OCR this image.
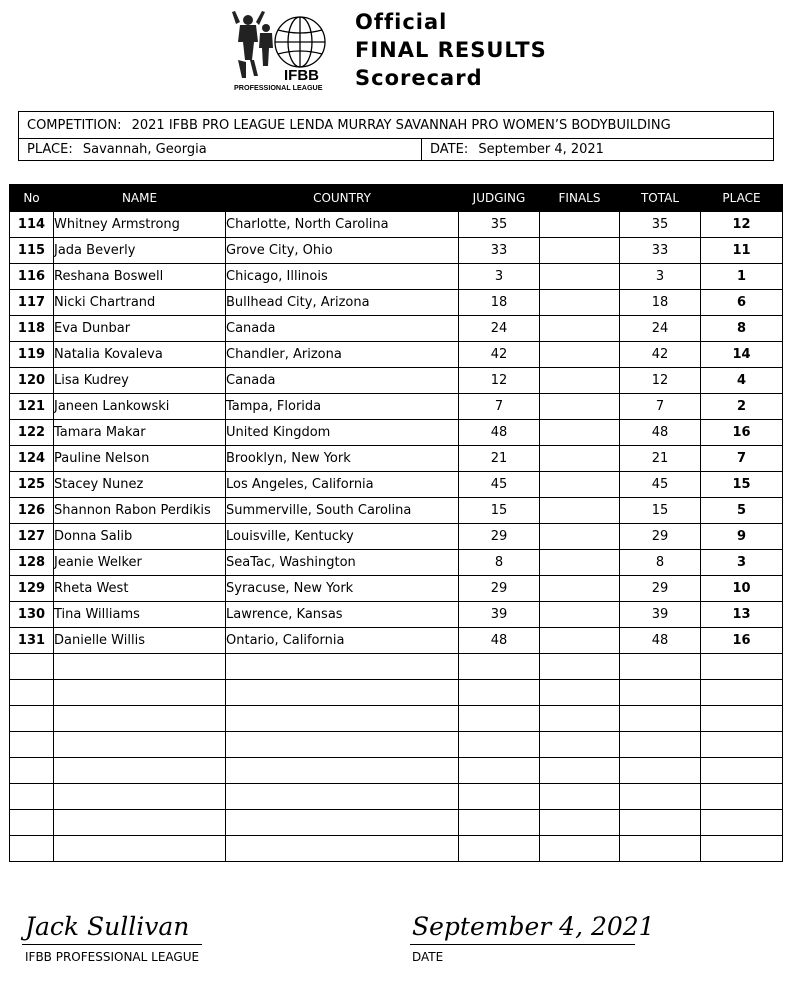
IFBB
PROFESSIONAL LEAGUE
Official
FINAL RESULTS
Scorecard
COMPETITION: 2021 IFBB PRO LEAGUE LENDA MURRAY SAVANNAH PRO WOMEN’S BODYBUILDING
PLACE: Savannah, Georgia	DATE: September 4, 2021
No	NAME	COUNTRY	JUDGING	FINALS	TOTAL	PLACE
114	Whitney Armstrong	Charlotte, North Carolina	35		35	12
115	Jada Beverly	Grove City, Ohio	33		33	11
116	Reshana Boswell	Chicago, Illinois	3		3	1
117	Nicki Chartrand	Bullhead City, Arizona	18		18	6
118	Eva Dunbar	Canada	24		24	8
119	Natalia Kovaleva	Chandler, Arizona	42		42	14
120	Lisa Kudrey	Canada	12		12	4
121	Janeen Lankowski	Tampa, Florida	7		7	2
122	Tamara Makar	United Kingdom	48		48	16
124	Pauline Nelson	Brooklyn, New York	21		21	7
125	Stacey Nunez	Los Angeles, California	45		45	15
126	Shannon Rabon Perdikis	Summerville, South Carolina	15		15	5
127	Donna Salib	Louisville, Kentucky	29		29	9
128	Jeanie Welker	SeaTac, Washington	8		8	3
129	Rheta West	Syracuse, New York	29		29	10
130	Tina Williams	Lawrence, Kansas	39		39	13
131	Danielle Willis	Ontario, California	48		48	16

Jack Sullivan
IFBB PROFESSIONAL LEAGUE
September 4, 2021
DATE
